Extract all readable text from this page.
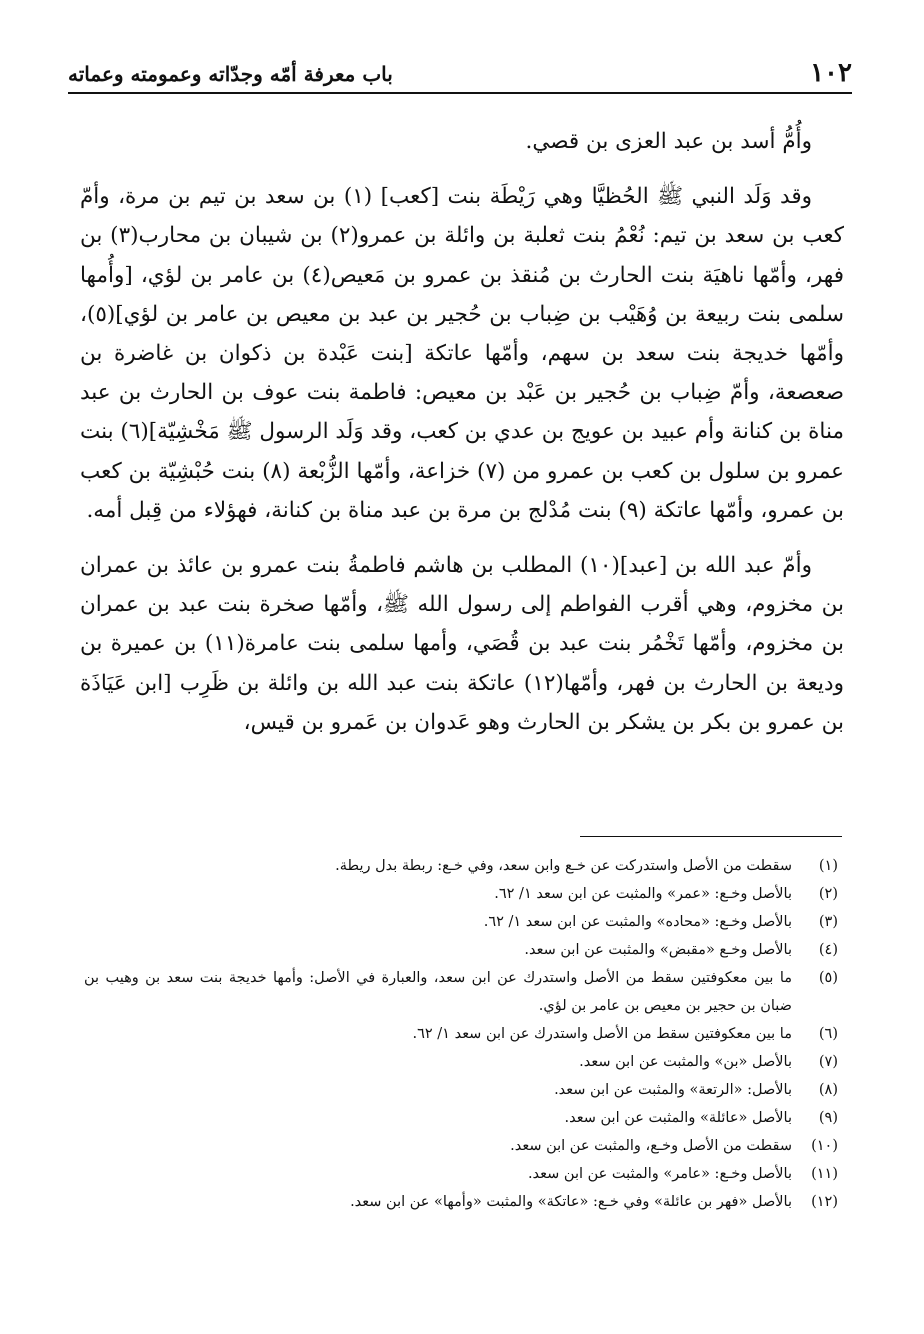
١٠٢
باب معرفة أمّه وجدّاته وعمومته وعماته

وأُمُّ أسد بن عبد العزى بن قصي.

وقد وَلَد النبي ﷺ الحُظيَّا وهي رَيْطَة بنت [كعب] (١) بن سعد بن تيم بن مرة، وأمّ كعب بن سعد بن تيم: نُعْمُ بنت ثعلبة بن وائلة بن عمرو(٢) بن شيبان بن محارب(٣) بن فهر، وأمّها ناهيَة بنت الحارث بن مُنقذ بن عمرو بن مَعيص(٤) بن عامر بن لؤي، [وأُمها سلمى بنت ربيعة بن وُهَيْب بن ضِباب بن حُجير بن عبد بن معيص بن عامر بن لؤي](٥)، وأمّها خديجة بنت سعد بن سهم، وأمّها عاتكة [بنت عَبْدة بن ذكوان بن غاضرة بن صعصعة، وأمّ ضِباب بن حُجير بن عَبْد بن معيص: فاطمة بنت عوف بن الحارث بن عبد مناة بن كنانة وأم عبيد بن عويج بن عدي بن كعب، وقد وَلَد الرسول ﷺ مَخْشِيّة](٦) بنت عمرو بن سلول بن كعب بن عمرو من (٧) خزاعة، وأمّها الزُّبْعة (٨) بنت حُبْشِيّة بن كعب بن عمرو، وأمّها عاتكة (٩) بنت مُدْلج بن مرة بن عبد مناة بن كنانة، فهؤلاء من قِبل أمه.

وأمّ عبد الله بن [عبد](١٠) المطلب بن هاشم فاطمةُ بنت عمرو بن عائذ بن عمران بن مخزوم، وهي أقرب الفواطم إلى رسول الله ﷺ، وأمّها صخرة بنت عبد بن عمران بن مخزوم، وأمّها تَخْمُر بنت عبد بن قُصَي، وأمها سلمى بنت عامرة(١١) بن عميرة بن وديعة بن الحارث بن فهر، وأمّها(١٢) عاتكة بنت عبد الله بن وائلة بن ظَرِب [ابن عَيَاذَة بن عمرو بن بكر بن يشكر بن الحارث وهو عَدوان بن عَمرو بن قيس،

(١)
سقطت من الأصل واستدركت عن خـع وابن سعد، وفي خـع: ربطة بدل ريطة.
(٢)
بالأصل وخـع: «عمر» والمثبت عن ابن سعد ١/ ٦٢.
(٣)
بالأصل وخـع: «محاده» والمثبت عن ابن سعد ١/ ٦٢.
(٤)
بالأصل وخـع «مقبض» والمثبت عن ابن سعد.
(٥)
ما بين معكوفتين سقط من الأصل واستدرك عن ابن سعد، والعبارة في الأصل: وأمها خديجة بنت سعد بن وهيب بن ضبان بن حجير بن معيص بن عامر بن لؤي.
(٦)
ما بين معكوفتين سقط من الأصل واستدرك عن ابن سعد ١/ ٦٢.
(٧)
بالأصل «بن» والمثبت عن ابن سعد.
(٨)
بالأصل: «الرتعة» والمثبت عن ابن سعد.
(٩)
بالأصل «عائلة» والمثبت عن ابن سعد.
(١٠)
سقطت من الأصل وخـع، والمثبت عن ابن سعد.
(١١)
بالأصل وخـع: «عامر» والمثبت عن ابن سعد.
(١٢)
بالأصل «فهر بن عائلة» وفي خـع: «عاتكة» والمثبت «وأمها» عن ابن سعد.
